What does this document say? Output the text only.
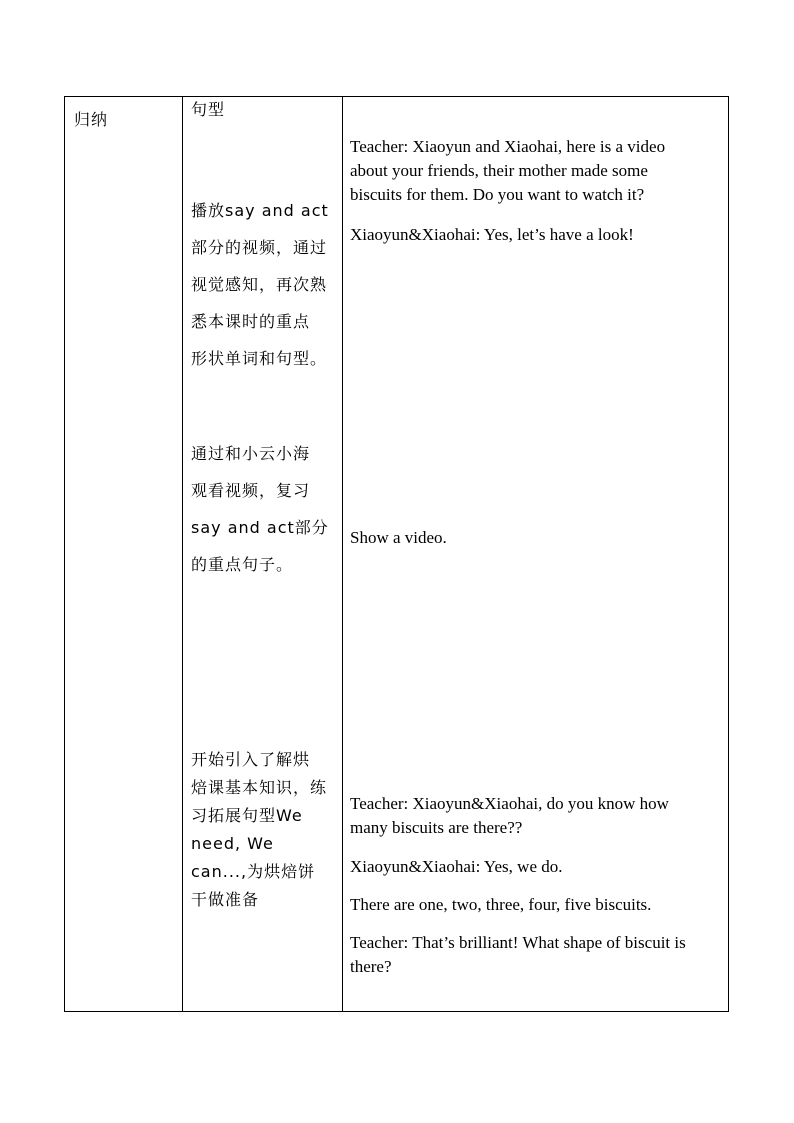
归纳
句型
播放say and act
部分的视频，通过
视觉感知，再次熟
悉本课时的重点
形状单词和句型。
通过和小云小海
观看视频，复习
say and act部分
的重点句子。
开始引入了解烘
焙课基本知识，练
习拓展句型We
need, We
can...,为烘焙饼
干做准备
Teacher: Xiaoyun and Xiaohai, here is a video
about your friends, their mother made some
biscuits for them. Do you want to watch it?
Xiaoyun&Xiaohai: Yes, let’s have a look!
Show a video.
Teacher: Xiaoyun&Xiaohai, do you know how
many biscuits are there??
Xiaoyun&Xiaohai: Yes, we do.
There are one, two, three, four, five biscuits.
Teacher: That’s brilliant! What shape of biscuit is
there?
